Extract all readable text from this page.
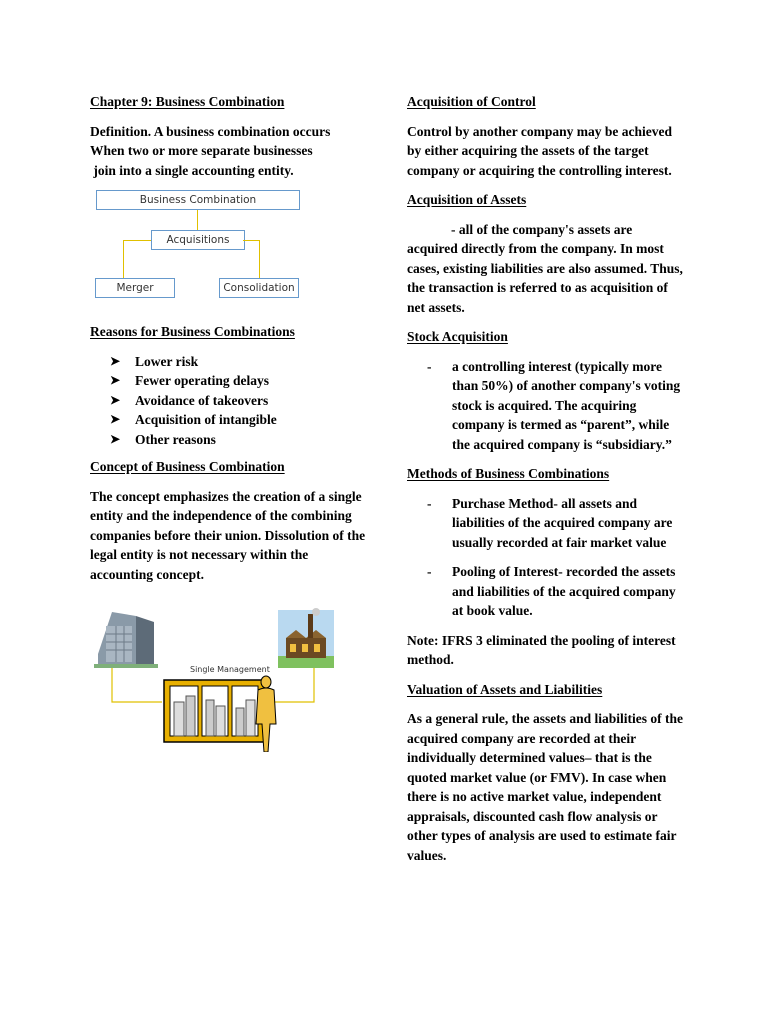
Chapter 9: Business Combination
Definition. A business combination occurs
When two or more separate businesses
join into a single accounting entity.
Business Combination
Acquisitions
Merger	Consolidation
Reasons for Business Combinations
➤ Lower risk
➤ Fewer operating delays
➤ Avoidance of takeovers
➤ Acquisition of intangible
➤ Other reasons
Concept of Business Combination
The concept emphasizes the creation of a single entity and the independence of the combining companies before their union. Dissolution of the legal entity is not necessary within the accounting concept.
Single Management
Acquisition of Control
Control by another company may be achieved by either acquiring the assets of the target company or acquiring the controlling interest.
Acquisition of Assets
- all of the company's assets are acquired directly from the company. In most cases, existing liabilities are also assumed. Thus, the transaction is referred to as acquisition of net assets.
Stock Acquisition
- a controlling interest (typically more than 50%) of another company's voting stock is acquired. The acquiring company is termed as “parent”, while the acquired company is “subsidiary.”
Methods of Business Combinations
- Purchase Method- all assets and liabilities of the acquired company are usually recorded at fair market value
- Pooling of Interest- recorded the assets and liabilities of the acquired company at book value.
Note: IFRS 3 eliminated the pooling of interest method.
Valuation of Assets and Liabilities
As a general rule, the assets and liabilities of the acquired company are recorded at their individually determined values– that is the quoted market value (or FMV). In case when there is no active market value, independent appraisals, discounted cash flow analysis or other types of analysis are used to estimate fair values.
